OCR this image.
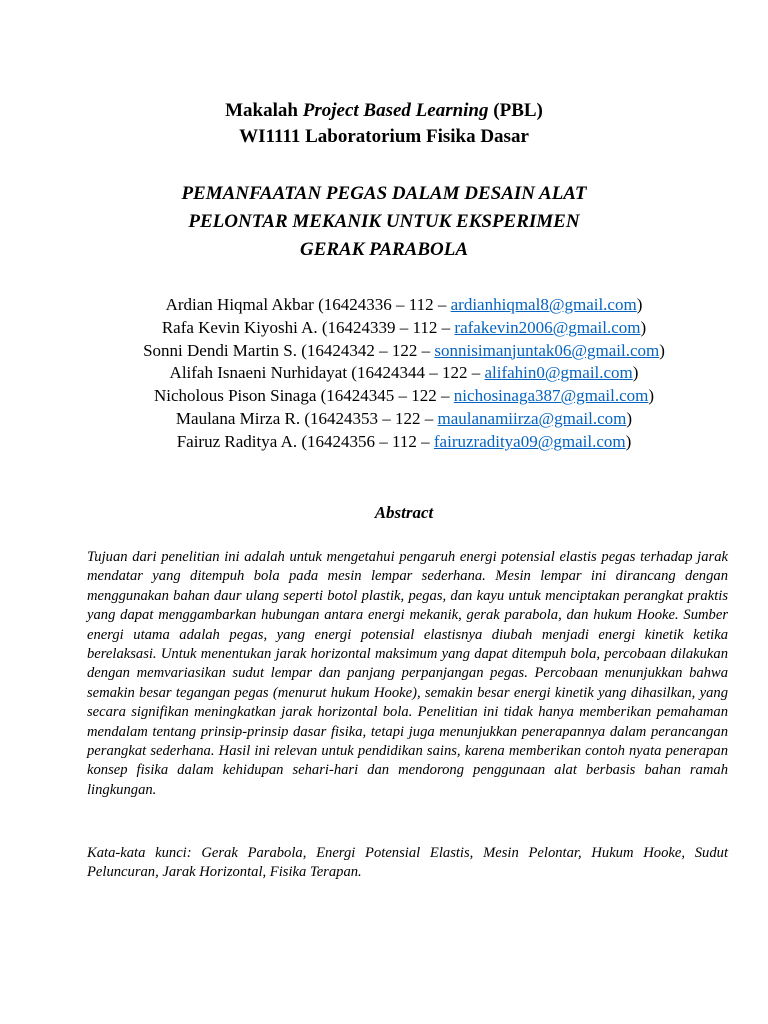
Makalah Project Based Learning (PBL)
WI1111 Laboratorium Fisika Dasar
PEMANFAATAN PEGAS DALAM DESAIN ALAT
PELONTAR MEKANIK UNTUK EKSPERIMEN
GERAK PARABOLA
Ardian Hiqmal Akbar (16424336 – 112 – ardianhiqmal8@gmail.com)
Rafa Kevin Kiyoshi A. (16424339 – 112 – rafakevin2006@gmail.com)
Sonni Dendi Martin S. (16424342 – 122 – sonnisimanjuntak06@gmail.com)
Alifah Isnaeni Nurhidayat (16424344 – 122 – alifahin0@gmail.com)
Nicholous Pison Sinaga (16424345 – 122 – nichosinaga387@gmail.com)
Maulana Mirza R. (16424353 – 122 – maulanamiirza@gmail.com)
Fairuz Raditya A. (16424356 – 112 – fairuzraditya09@gmail.com)
Abstract

Tujuan dari penelitian ini adalah untuk mengetahui pengaruh energi potensial elastis pegas terhadap jarak mendatar yang ditempuh bola pada mesin lempar sederhana. Mesin lempar ini dirancang dengan menggunakan bahan daur ulang seperti botol plastik, pegas, dan kayu untuk menciptakan perangkat praktis yang dapat menggambarkan hubungan antara energi mekanik, gerak parabola, dan hukum Hooke. Sumber energi utama adalah pegas, yang energi potensial elastisnya diubah menjadi energi kinetik ketika berelaksasi. Untuk menentukan jarak horizontal maksimum yang dapat ditempuh bola, percobaan dilakukan dengan memvariasikan sudut lempar dan panjang perpanjangan pegas. Percobaan menunjukkan bahwa semakin besar tegangan pegas (menurut hukum Hooke), semakin besar energi kinetik yang dihasilkan, yang secara signifikan meningkatkan jarak horizontal bola. Penelitian ini tidak hanya memberikan pemahaman mendalam tentang prinsip-prinsip dasar fisika, tetapi juga menunjukkan penerapannya dalam perancangan perangkat sederhana. Hasil ini relevan untuk pendidikan sains, karena memberikan contoh nyata penerapan konsep fisika dalam kehidupan sehari-hari dan mendorong penggunaan alat berbasis bahan ramah lingkungan.

Kata-kata kunci: Gerak Parabola, Energi Potensial Elastis, Mesin Pelontar, Hukum Hooke, Sudut Peluncuran, Jarak Horizontal, Fisika Terapan.
